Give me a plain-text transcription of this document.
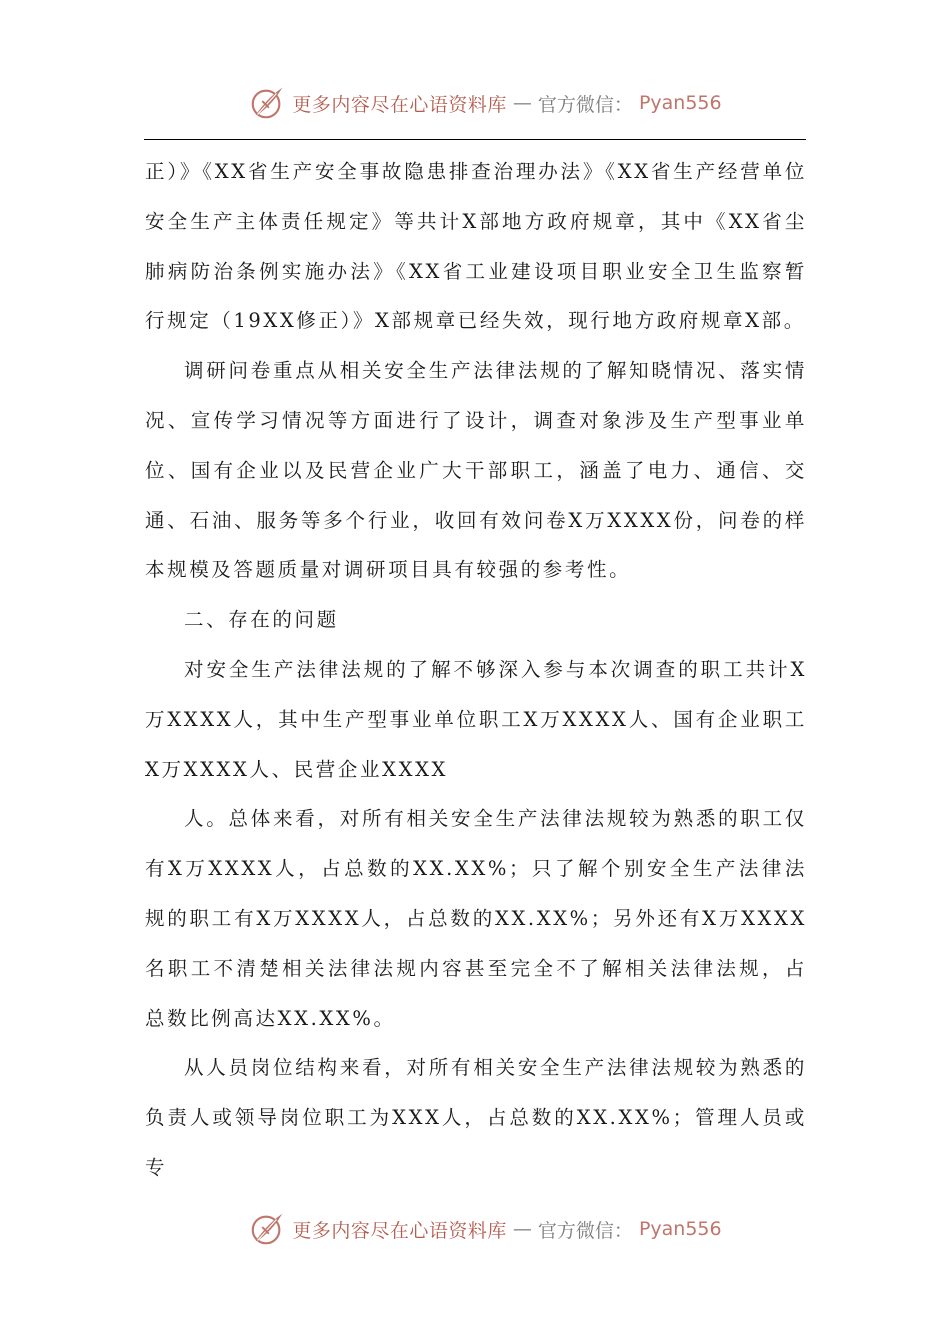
更多内容尽在心语资料库 — 官方微信： Pyan556

正）》《XX省生产安全事故隐患排查治理办法》《XX省生产经营单位安全生产主体责任规定》等共计X部地方政府规章，其中《XX省尘肺病防治条例实施办法》《XX省工业建设项目职业安全卫生监察暂行规定（19XX修正）》X部规章已经失效，现行地方政府规章X部。

调研问卷重点从相关安全生产法律法规的了解知晓情况、落实情况、宣传学习情况等方面进行了设计，调查对象涉及生产型事业单位、国有企业以及民营企业广大干部职工，涵盖了电力、通信、交通、石油、服务等多个行业，收回有效问卷X万XXXX份，问卷的样本规模及答题质量对调研项目具有较强的参考性。

二、存在的问题

对安全生产法律法规的了解不够深入参与本次调查的职工共计X万XXXX人，其中生产型事业单位职工X万XXXX人、国有企业职工X万XXXX人、民营企业XXXX

人。总体来看，对所有相关安全生产法律法规较为熟悉的职工仅有X万XXXX人，占总数的XX.XX%；只了解个别安全生产法律法规的职工有X万XXXX人，占总数的XX.XX%；另外还有X万XXXX名职工不清楚相关法律法规内容甚至完全不了解相关法律法规，占总数比例高达XX.XX%。

从人员岗位结构来看，对所有相关安全生产法律法规较为熟悉的负责人或领导岗位职工为XXX人，占总数的XX.XX%；管理人员或专

更多内容尽在心语资料库 — 官方微信： Pyan556
